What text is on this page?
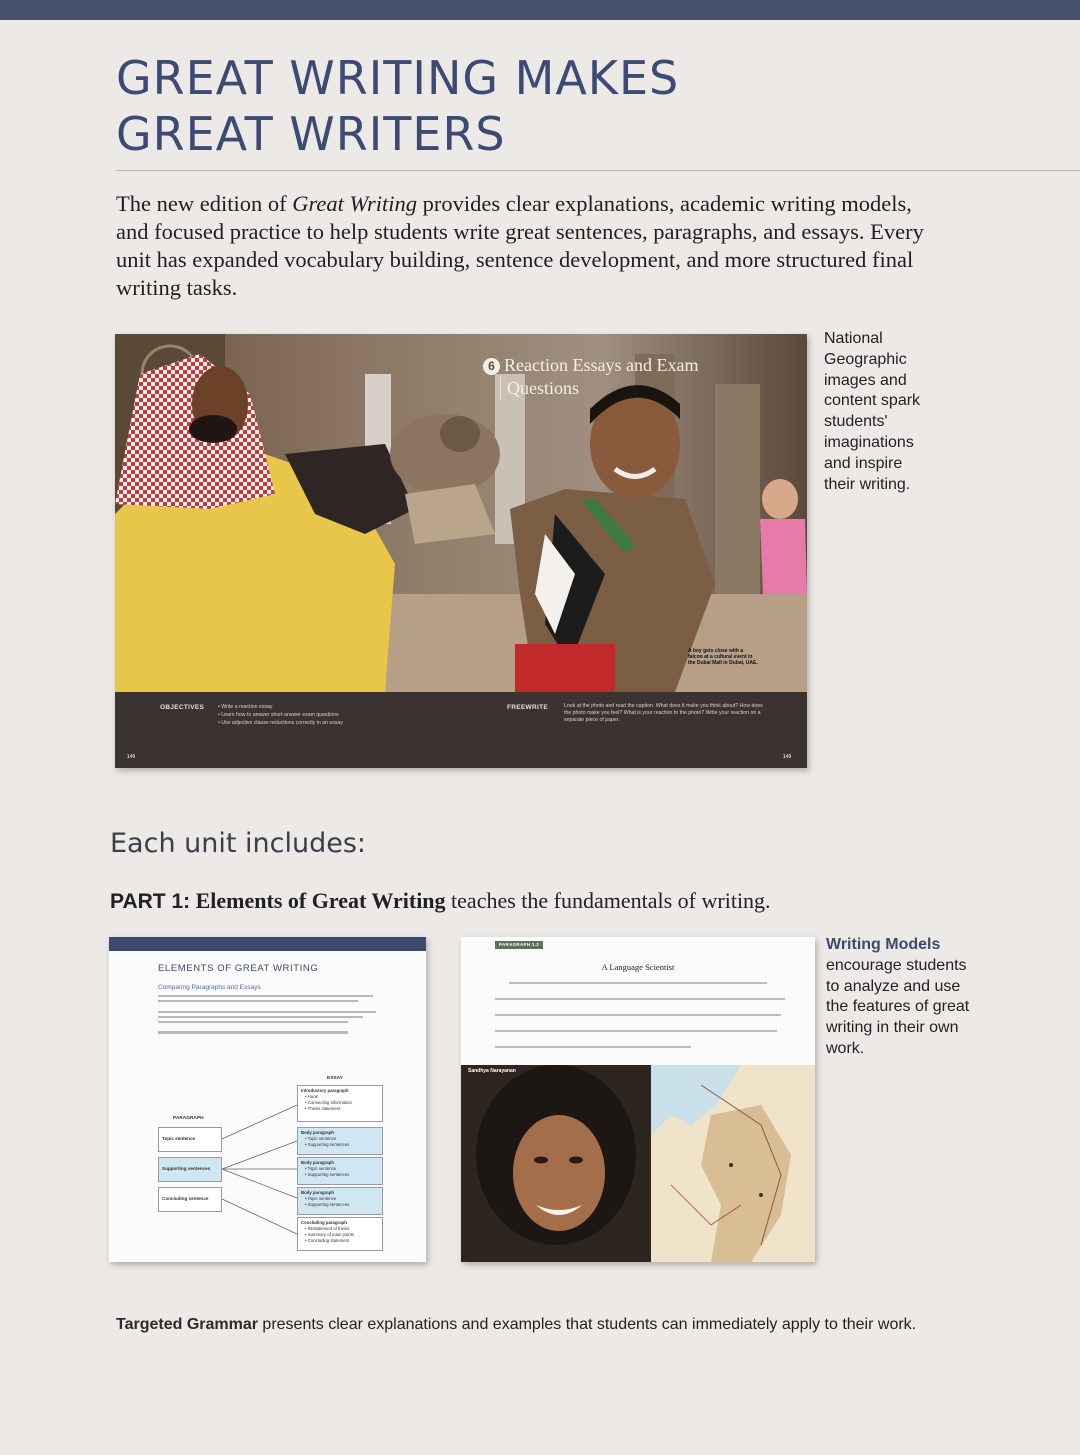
GREAT WRITING MAKES
GREAT WRITERS

The new edition of Great Writing provides clear explanations, academic writing models, and focused practice to help students write great sentences, paragraphs, and essays. Every unit has expanded vocabulary building, sentence development, and more structured final writing tasks.

6 Reaction Essays and Exam
Questions
A boy gets close with a falcon at a cultural event in the Dubai Mall in Dubai, UAE.
OBJECTIVES	• Write a reaction essay
• Learn how to answer short-answer exam questions
• Use adjective clause reductions correctly in an essay
FREEWRITE	Look at the photo and read the caption. What does it make you think about? How does the photo make you feel? What is your reaction to the photo? Write your reaction on a separate piece of paper.
146	149
National Geographic images and content spark students' imaginations and inspire their writing.
Each unit includes:
PART 1: Elements of Great Writing teaches the fundamentals of writing.
ELEMENTS OF GREAT WRITING
Comparing Paragraphs and Essays
PARAGRAPH
Topic sentence
Supporting sentences
Concluding sentence
ESSAY
Introductory paragraph
• Hook
• Connecting information
• Thesis statement
Body paragraph
• Topic sentence
• Supporting sentences
Body paragraph
• Topic sentence
• Supporting sentences
Body paragraph
• Topic sentence
• Supporting sentences
Concluding paragraph
• Restatement of thesis
• Summary of main points
• Concluding statement
PARAGRAPH 1.2
A Language Scientist
Sandhya Narayanan
Writing Models encourage students to analyze and use the features of great writing in their own work.
Targeted Grammar presents clear explanations and examples that students can immediately apply to their work.
